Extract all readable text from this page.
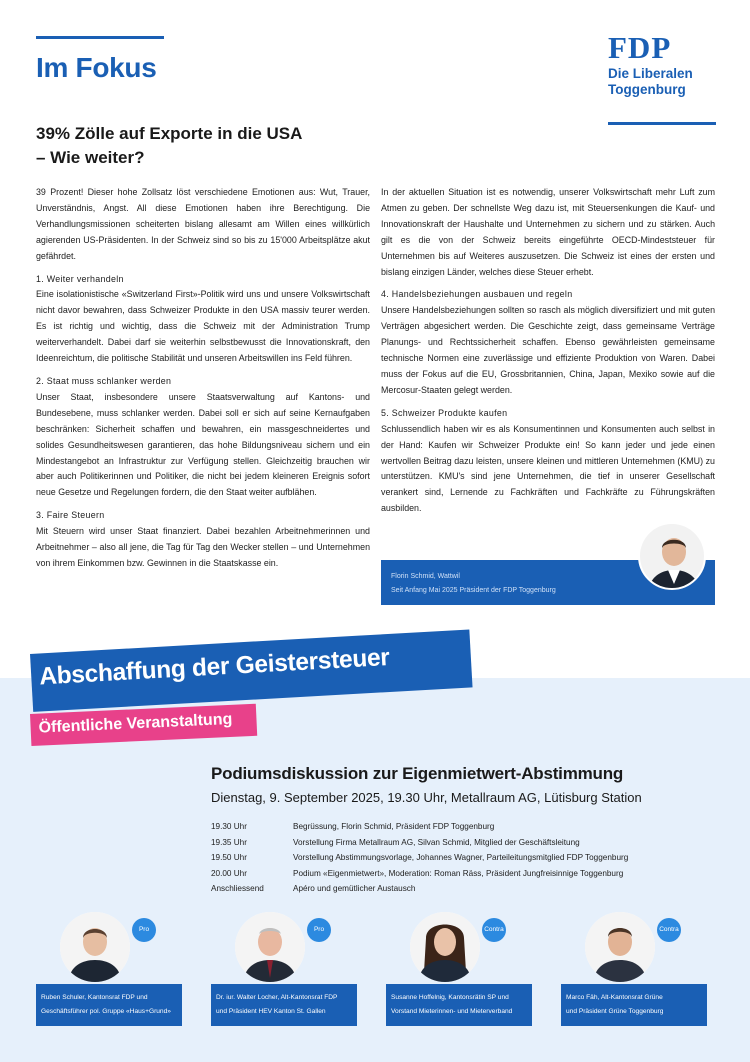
Im Fokus
FDP
Die Liberalen
Toggenburg
39% Zölle auf Exporte in die USA
– Wie weiter?

39 Prozent! Dieser hohe Zollsatz löst verschiedene Emotionen aus: Wut, Trauer, Unverständnis, Angst. All diese Emotionen haben ihre Berechtigung. Die Verhandlungsmissionen scheiterten bislang allesamt am Willen eines willkürlich agierenden US-Präsidenten. In der Schweiz sind so bis zu 15'000 Arbeitsplätze akut gefährdet.

1. Weiter verhandeln

Eine isolationistische «Switzerland First»-Politik wird uns und unsere Volkswirtschaft nicht davor bewahren, dass Schweizer Produkte in den USA massiv teurer werden. Es ist richtig und wichtig, dass die Schweiz mit der Administration Trump weiterverhandelt. Dabei darf sie weiterhin selbstbewusst die Innovationskraft, den Ideenreichtum, die politische Stabilität und unseren Arbeitswillen ins Feld führen.

2. Staat muss schlanker werden

Unser Staat, insbesondere unsere Staatsverwaltung auf Kantons- und Bundesebene, muss schlanker werden. Dabei soll er sich auf seine Kernaufgaben beschränken: Sicherheit schaffen und bewahren, ein massgeschneidertes und solides Gesundheitswesen garantieren, das hohe Bildungsniveau sichern und ein Mindestangebot an Infrastruktur zur Verfügung stellen. Gleichzeitig brauchen wir aber auch Politikerinnen und Politiker, die nicht bei jedem kleineren Ereignis sofort neue Gesetze und Regelungen fordern, die den Staat weiter aufblähen.

3. Faire Steuern

Mit Steuern wird unser Staat finanziert. Dabei bezahlen Arbeitnehmerinnen und Arbeitnehmer – also all jene, die Tag für Tag den Wecker stellen – und Unternehmen von ihrem Einkommen bzw. Gewinnen in die Staatskasse ein.

In der aktuellen Situation ist es notwendig, unserer Volkswirtschaft mehr Luft zum Atmen zu geben. Der schnellste Weg dazu ist, mit Steuersenkungen die Kauf- und Innovationskraft der Haushalte und Unternehmen zu sichern und zu stärken. Auch gilt es die von der Schweiz bereits eingeführte OECD-Mindeststeuer für Unternehmen bis auf Weiteres auszusetzen. Die Schweiz ist eines der ersten und bislang einzigen Länder, welches diese Steuer erhebt.

4. Handelsbeziehungen ausbauen und regeln

Unsere Handelsbeziehungen sollten so rasch als möglich diversifiziert und mit guten Verträgen abgesichert werden. Die Geschichte zeigt, dass gemeinsame Verträge Planungs- und Rechtssicherheit schaffen. Ebenso gewährleisten gemeinsame technische Normen eine zuverlässige und effiziente Produktion von Waren. Dabei muss der Fokus auf die EU, Grossbritannien, China, Japan, Mexiko sowie auf die Mercosur-Staaten gelegt werden.

5. Schweizer Produkte kaufen

Schlussendlich haben wir es als Konsumentinnen und Konsumenten auch selbst in der Hand: Kaufen wir Schweizer Produkte ein! So kann jeder und jede einen wertvollen Beitrag dazu leisten, unsere kleinen und mittleren Unternehmen (KMU) zu unterstützen. KMU's sind jene Unternehmen, die tief in unserer Gesellschaft verankert sind, Lernende zu Fachkräften und Fachkräfte zu Führungskräften ausbilden.

Florin Schmid, Wattwil
Seit Anfang Mai 2025 Präsident der FDP Toggenburg
Abschaffung der Geistersteuer
Öffentliche Veranstaltung
Podiumsdiskussion zur Eigenmietwert-Abstimmung
Dienstag, 9. September 2025, 19.30 Uhr, Metallraum AG, Lütisburg Station
19.30 Uhr	Begrüssung, Florin Schmid, Präsident FDP Toggenburg
19.35 Uhr	Vorstellung Firma Metallraum AG, Silvan Schmid, Mitglied der Geschäftsleitung
19.50 Uhr	Vorstellung Abstimmungsvorlage, Johannes Wagner, Parteileitungsmitglied FDP Toggenburg
20.00 Uhr	Podium «Eigenmietwert», Moderation: Roman Räss, Präsident Jungfreisinnige Toggenburg
Anschliessend	Apéro und gemütlicher Austausch
Pro
Ruben Schuler, Kantonsrat FDP und
Geschäftsführer pol. Gruppe «Haus+Grund»
Pro
Dr. iur. Walter Locher, Alt-Kantonsrat FDP
und Präsident HEV Kanton St. Gallen
Contra
Susanne Hoffelnig, Kantonsrätin SP und
Vorstand Mieterinnen- und Mieterverband
Contra
Marco Fäh, Alt-Kantonsrat Grüne
und Präsident Grüne Toggenburg
